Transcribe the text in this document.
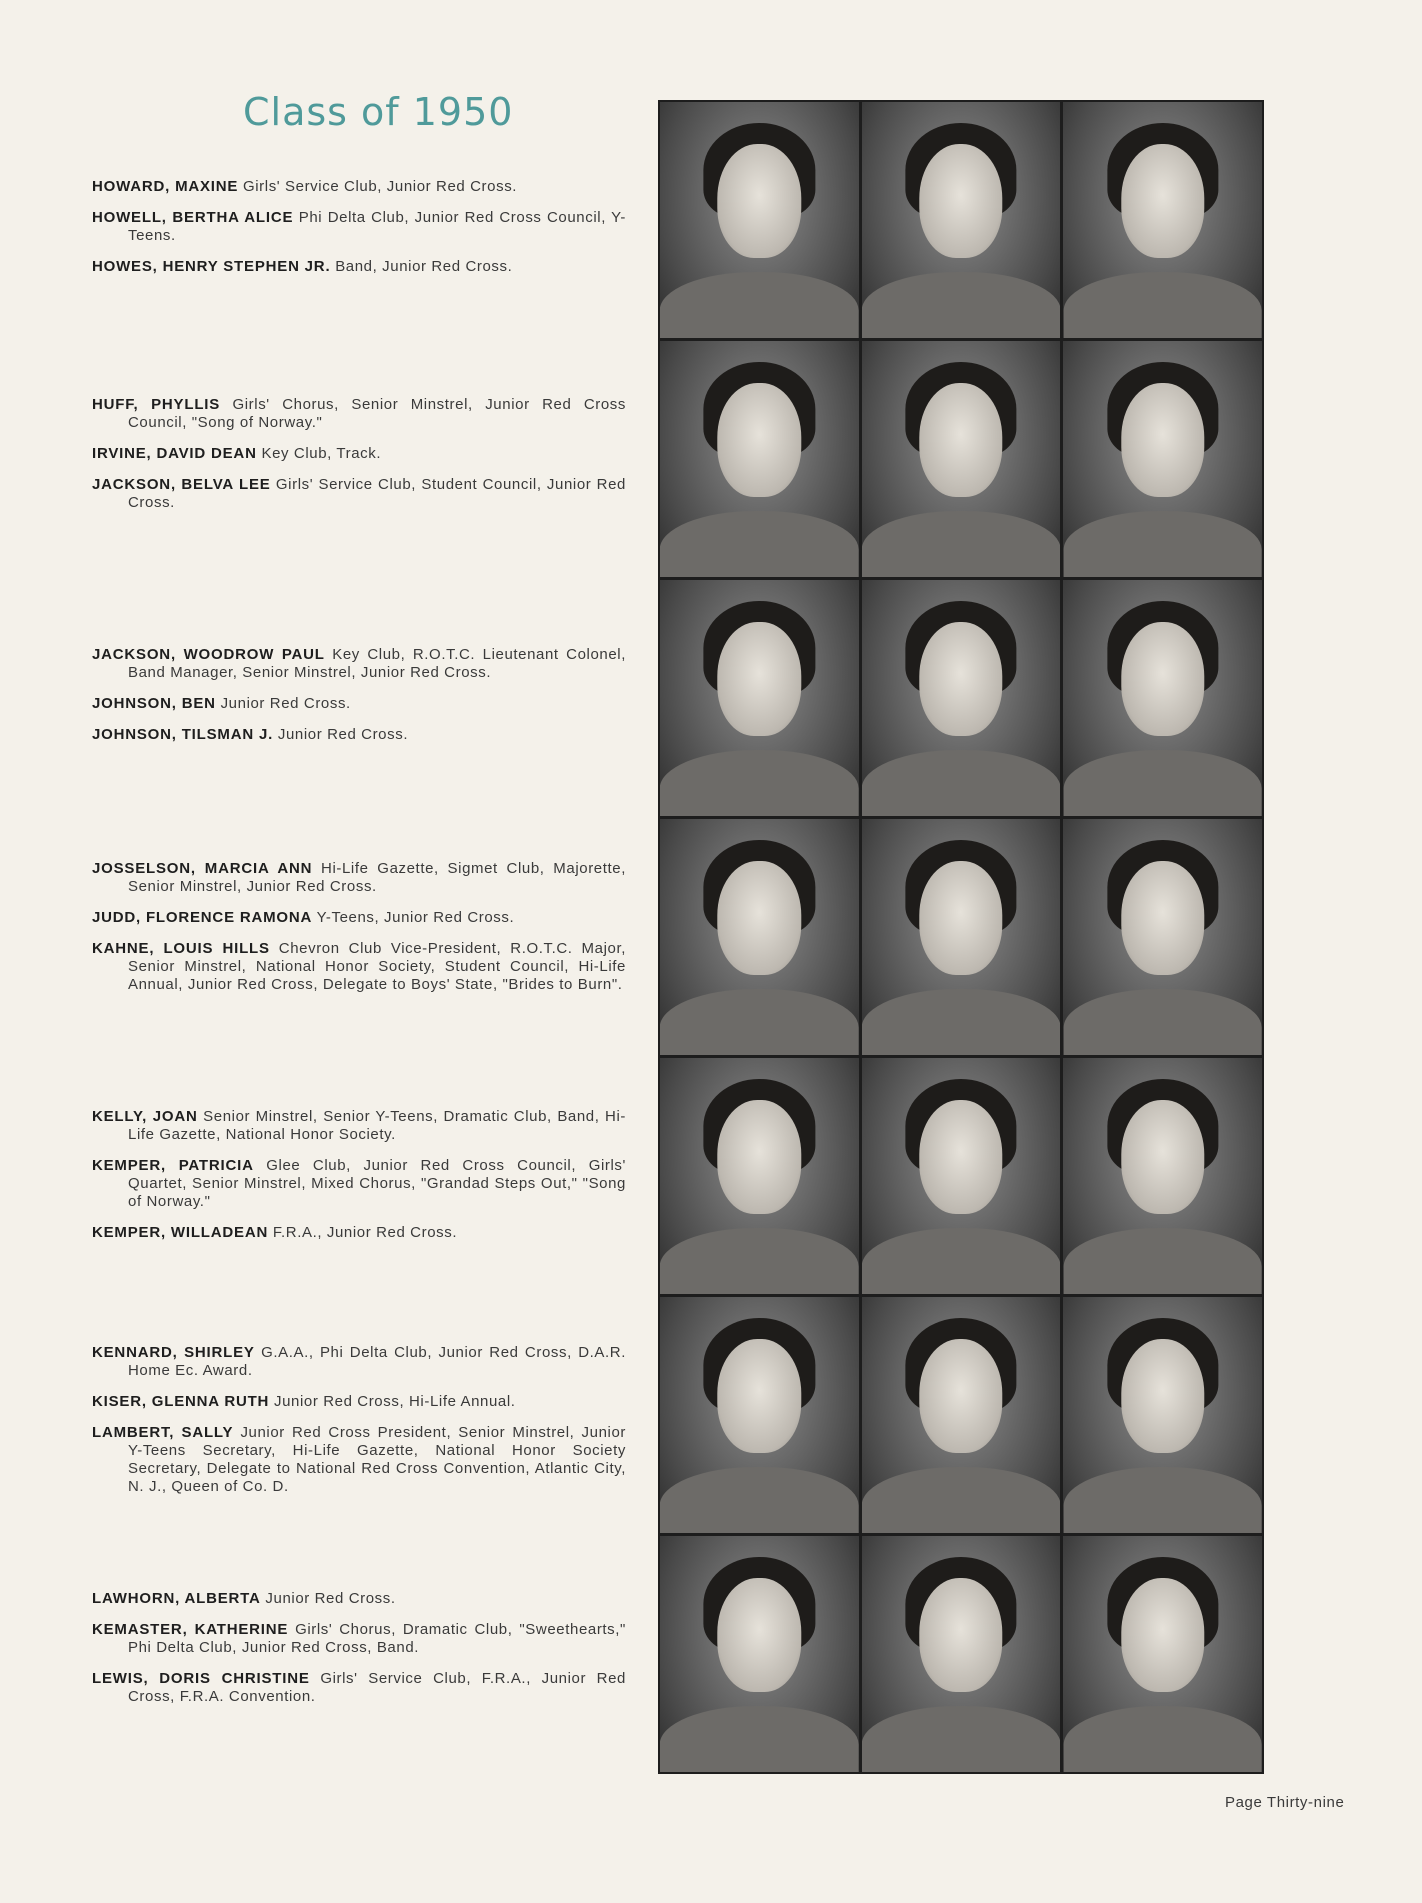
Class of 1950
HOWARD, MAXINE Girls' Service Club, Junior Red Cross.
HOWELL, BERTHA ALICE Phi Delta Club, Junior Red Cross Council, Y-Teens.
HOWES, HENRY STEPHEN JR. Band, Junior Red Cross.
HUFF, PHYLLIS Girls' Chorus, Senior Minstrel, Junior Red Cross Council, "Song of Norway."
IRVINE, DAVID DEAN Key Club, Track.
JACKSON, BELVA LEE Girls' Service Club, Student Council, Junior Red Cross.
JACKSON, WOODROW PAUL Key Club, R.O.T.C. Lieutenant Colonel, Band Manager, Senior Minstrel, Junior Red Cross.
JOHNSON, BEN Junior Red Cross.
JOHNSON, TILSMAN J. Junior Red Cross.
JOSSELSON, MARCIA ANN Hi-Life Gazette, Sigmet Club, Majorette, Senior Minstrel, Junior Red Cross.
JUDD, FLORENCE RAMONA Y-Teens, Junior Red Cross.
KAHNE, LOUIS HILLS Chevron Club Vice-President, R.O.T.C. Major, Senior Minstrel, National Honor Society, Student Council, Hi-Life Annual, Junior Red Cross, Delegate to Boys' State, "Brides to Burn".
KELLY, JOAN Senior Minstrel, Senior Y-Teens, Dramatic Club, Band, Hi-Life Gazette, National Honor Society.
KEMPER, PATRICIA Glee Club, Junior Red Cross Council, Girls' Quartet, Senior Minstrel, Mixed Chorus, "Grandad Steps Out," "Song of Norway."
KEMPER, WILLADEAN F.R.A., Junior Red Cross.
KENNARD, SHIRLEY G.A.A., Phi Delta Club, Junior Red Cross, D.A.R. Home Ec. Award.
KISER, GLENNA RUTH Junior Red Cross, Hi-Life Annual.
LAMBERT, SALLY Junior Red Cross President, Senior Minstrel, Junior Y-Teens Secretary, Hi-Life Gazette, National Honor Society Secretary, Delegate to National Red Cross Convention, Atlantic City, N. J., Queen of Co. D.
LAWHORN, ALBERTA Junior Red Cross.
KEMASTER, KATHERINE Girls' Chorus, Dramatic Club, "Sweethearts," Phi Delta Club, Junior Red Cross, Band.
LEWIS, DORIS CHRISTINE Girls' Service Club, F.R.A., Junior Red Cross, F.R.A. Convention.
Page Thirty-nine
